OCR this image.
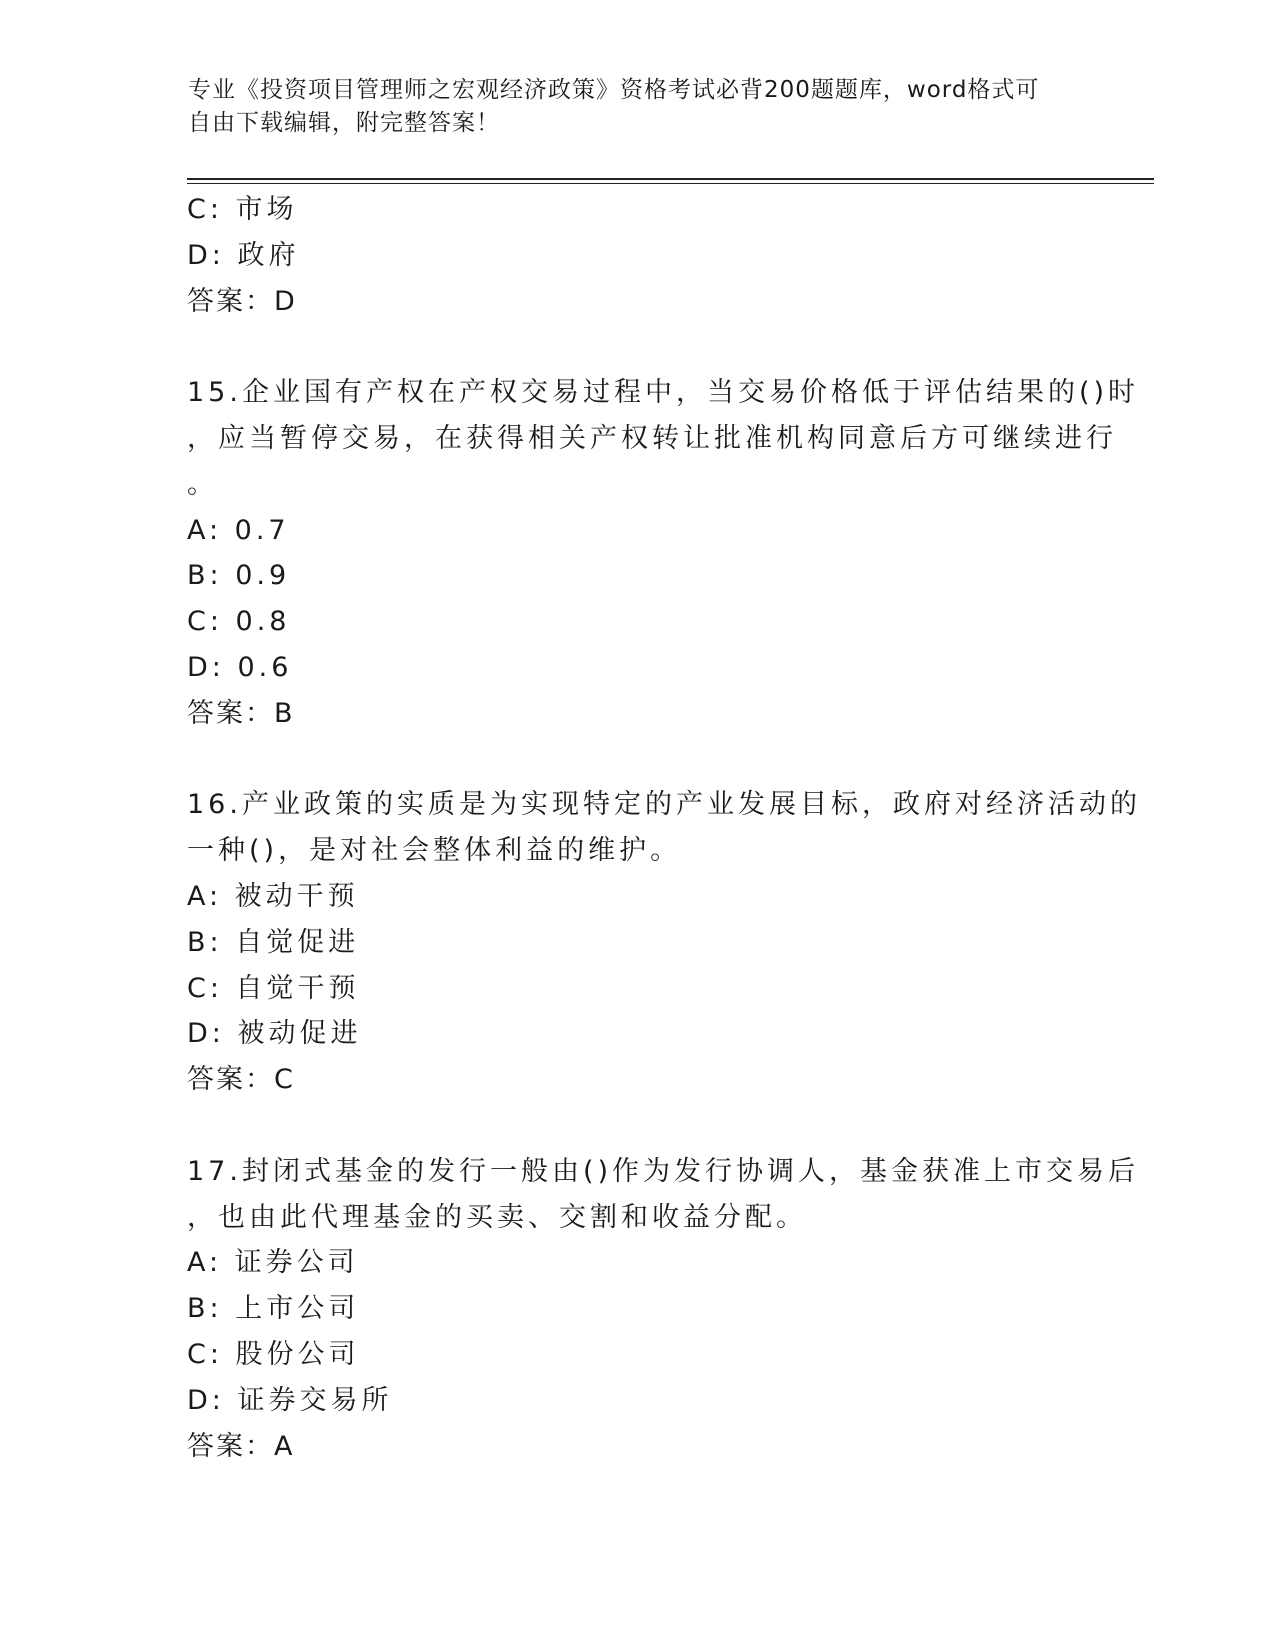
专业《投资项目管理师之宏观经济政策》资格考试必背200题题库，word格式可
自由下载编辑，附完整答案！
C: 市场
D: 政府
答案：D
15.企业国有产权在产权交易过程中，当交易价格低于评估结果的()时
，应当暂停交易，在获得相关产权转让批准机构同意后方可继续进行
。
A: 0.7
B: 0.9
C: 0.8
D: 0.6
答案：B
16.产业政策的实质是为实现特定的产业发展目标，政府对经济活动的
一种()，是对社会整体利益的维护。
A: 被动干预
B: 自觉促进
C: 自觉干预
D: 被动促进
答案：C
17.封闭式基金的发行一般由()作为发行协调人，基金获准上市交易后
，也由此代理基金的买卖、交割和收益分配。
A: 证券公司
B: 上市公司
C: 股份公司
D: 证券交易所
答案：A
